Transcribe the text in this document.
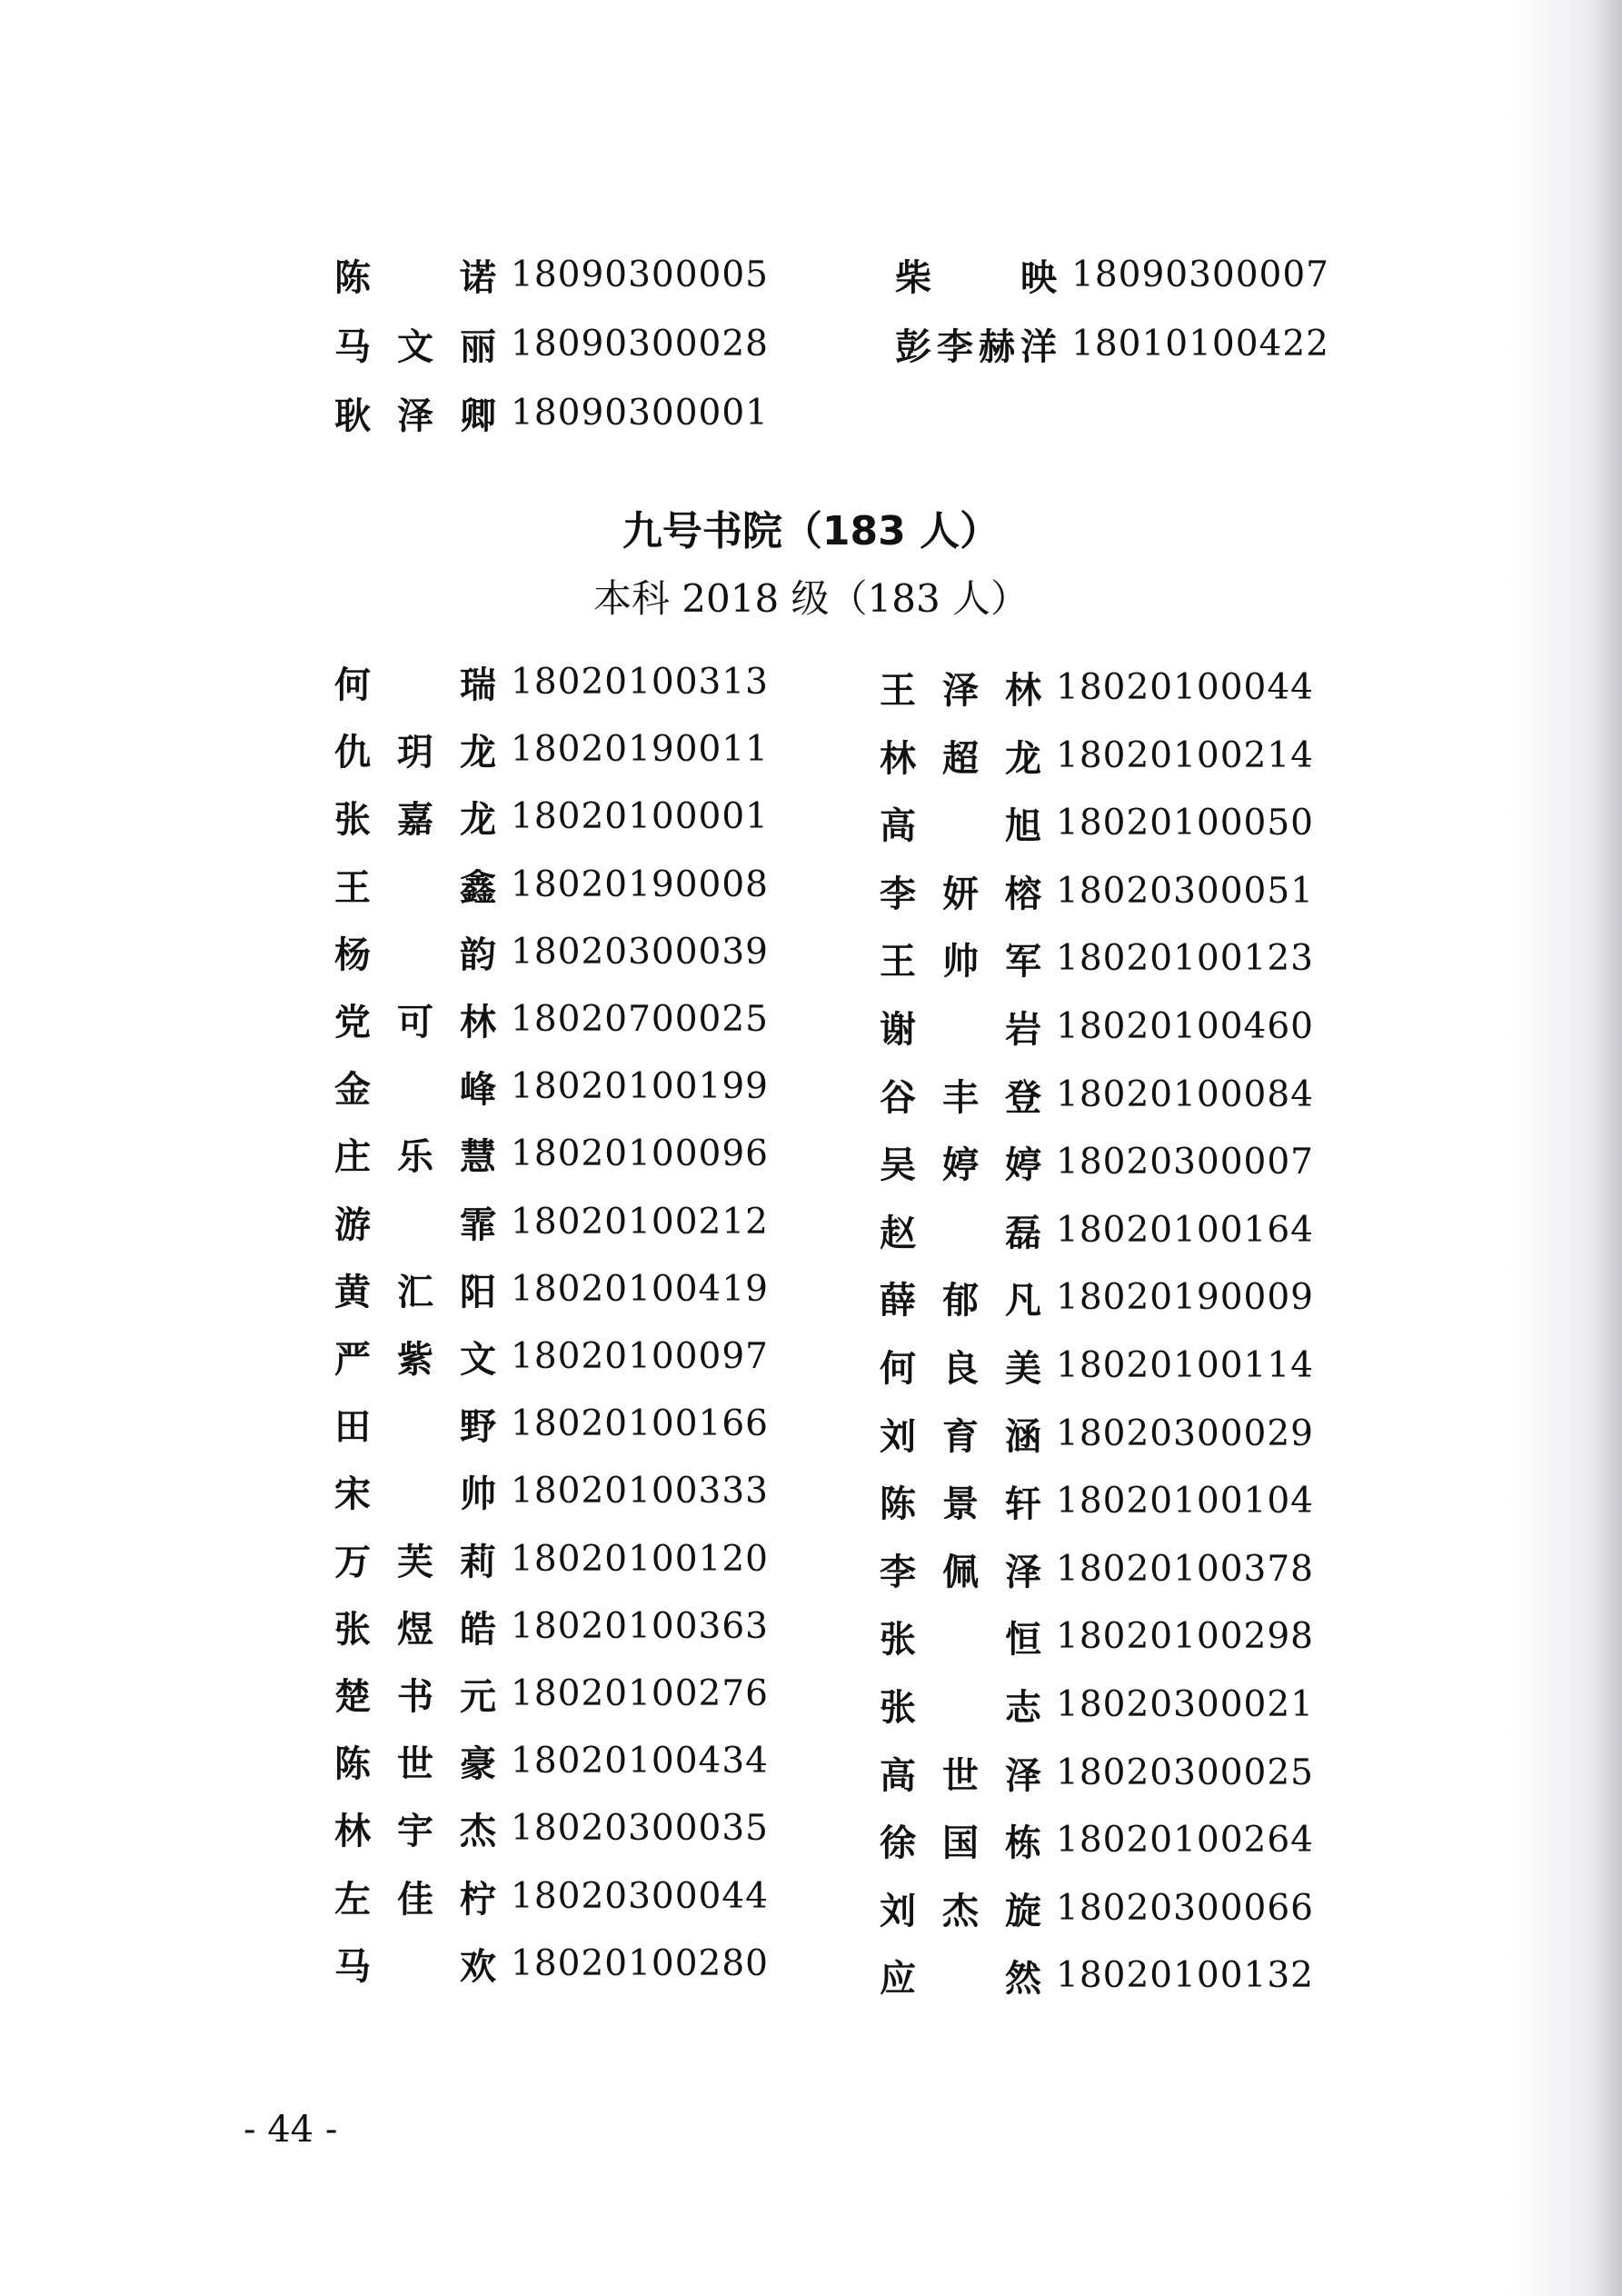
陈 诺 18090300005
马 文 丽 18090300028
耿 泽 卿 18090300001
柴 映 18090300007
彭 李 赫 洋 18010100422
九号书院（183 人）
本科 2018 级（183 人）
何 瑞 18020100313
仇 玥 龙 18020190011
张 嘉 龙 18020100001
王 鑫 18020190008
杨 韵 18020300039
党 可 林 18020700025
金 峰 18020100199
庄 乐 慧 18020100096
游 霏 18020100212
黄 汇 阳 18020100419
严 紫 文 18020100097
田 野 18020100166
宋 帅 18020100333
万 芙 莉 18020100120
张 煜 皓 18020100363
楚 书 元 18020100276
陈 世 豪 18020100434
林 宇 杰 18020300035
左 佳 柠 18020300044
马 欢 18020100280
王 泽 林 18020100044
林 超 龙 18020100214
高 旭 18020100050
李 妍 榕 18020300051
王 帅 军 18020100123
谢 岩 18020100460
谷 丰 登 18020100084
吴 婷 婷 18020300007
赵 磊 18020100164
薛 郁 凡 18020190009
何 良 美 18020100114
刘 育 涵 18020300029
陈 景 轩 18020100104
李 佩 泽 18020100378
张 恒 18020100298
张 志 18020300021
高 世 泽 18020300025
徐 国 栋 18020100264
刘 杰 旋 18020300066
应 然 18020100132
- 44 -
